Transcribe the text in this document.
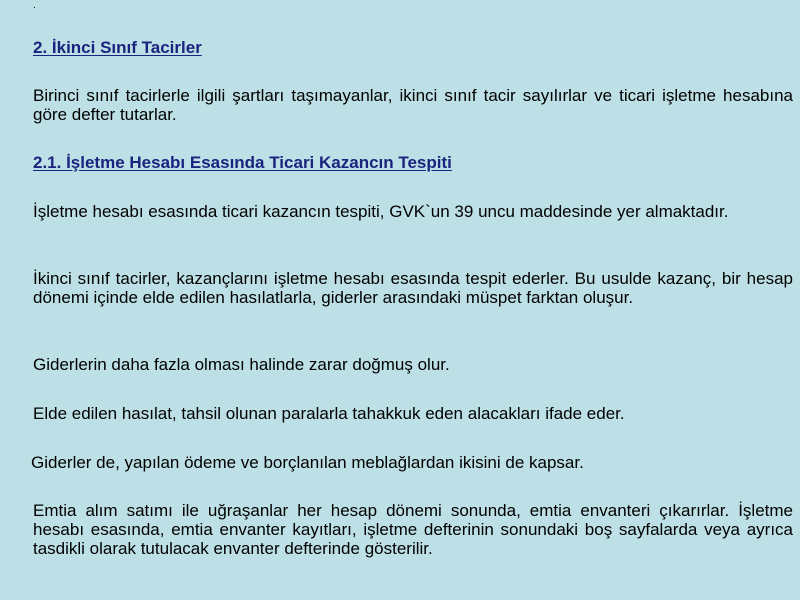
.
2. İkinci Sınıf Tacirler
Birinci sınıf tacirlerle ilgili şartları taşımayanlar, ikinci sınıf tacir sayılırlar ve ticari işletme hesabına göre defter tutarlar.
2.1. İşletme Hesabı Esasında Ticari Kazancın Tespiti
İşletme hesabı esasında ticari kazancın tespiti, GVK`un 39 uncu maddesinde yer almaktadır.
İkinci sınıf tacirler, kazançlarını işletme hesabı esasında tespit ederler. Bu usulde kazanç, bir hesap dönemi içinde elde edilen hasılatlarla, giderler arasındaki müspet farktan oluşur.
Giderlerin daha fazla olması halinde zarar doğmuş olur.
Elde edilen hasılat, tahsil olunan paralarla tahakkuk eden alacakları ifade eder.
Giderler de, yapılan ödeme ve borçlanılan meblağlardan ikisini de kapsar.
Emtia alım satımı ile uğraşanlar her hesap dönemi sonunda, emtia envanteri çıkarırlar. İşletme hesabı esasında, emtia envanter kayıtları, işletme defterinin sonundaki boş sayfalarda veya ayrıca tasdikli olarak tutulacak envanter defterinde gösterilir.
